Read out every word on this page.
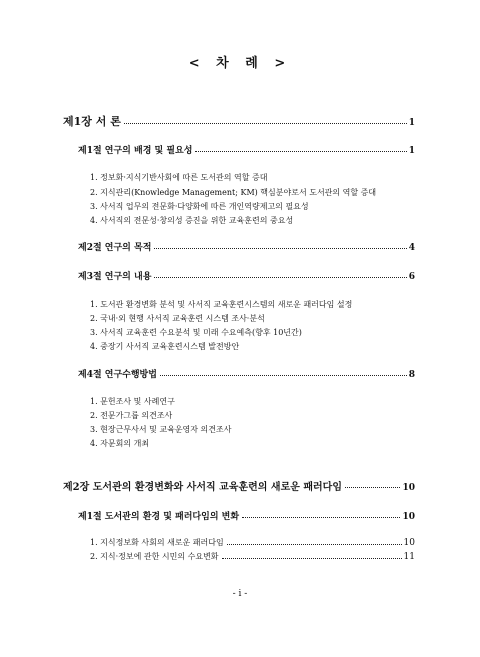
< 차 례 >
제1장 서 론	1
제1절 연구의 배경 및 필요성	1
1. 정보화·지식기반사회에 따른 도서관의 역할 증대
2. 지식관리(Knowledge Management; KM) 핵심분야로서 도서관의 역할 증대
3. 사서직 업무의 전문화·다양화에 따른 개인역량제고의 필요성
4. 사서직의 전문성·창의성 증진을 위한 교육훈련의 중요성
제2절 연구의 목적	4
제3절 연구의 내용	6
1. 도서관 환경변화 분석 및 사서직 교육훈련시스템의 새로운 패러다임 설정
2. 국내·외 현행 사서직 교육훈련 시스템 조사·분석
3. 사서직 교육훈련 수요분석 및 미래 수요예측(향후 10년간)
4. 중장기 사서직 교육훈련시스템 발전방안
제4절 연구수행방법	8
1. 문헌조사 및 사례연구
2. 전문가그룹 의견조사
3. 현장근무사서 및 교육운영자 의견조사
4. 자문회의 개최
제2장 도서관의 환경변화와 사서직 교육훈련의 새로운 패러다임	10
제1절 도서관의 환경 및 패러다임의 변화	10
1. 지식정보화 사회의 새로운 패러다임	10
2. 지식·정보에 관한 시민의 수요변화	11
- i -
